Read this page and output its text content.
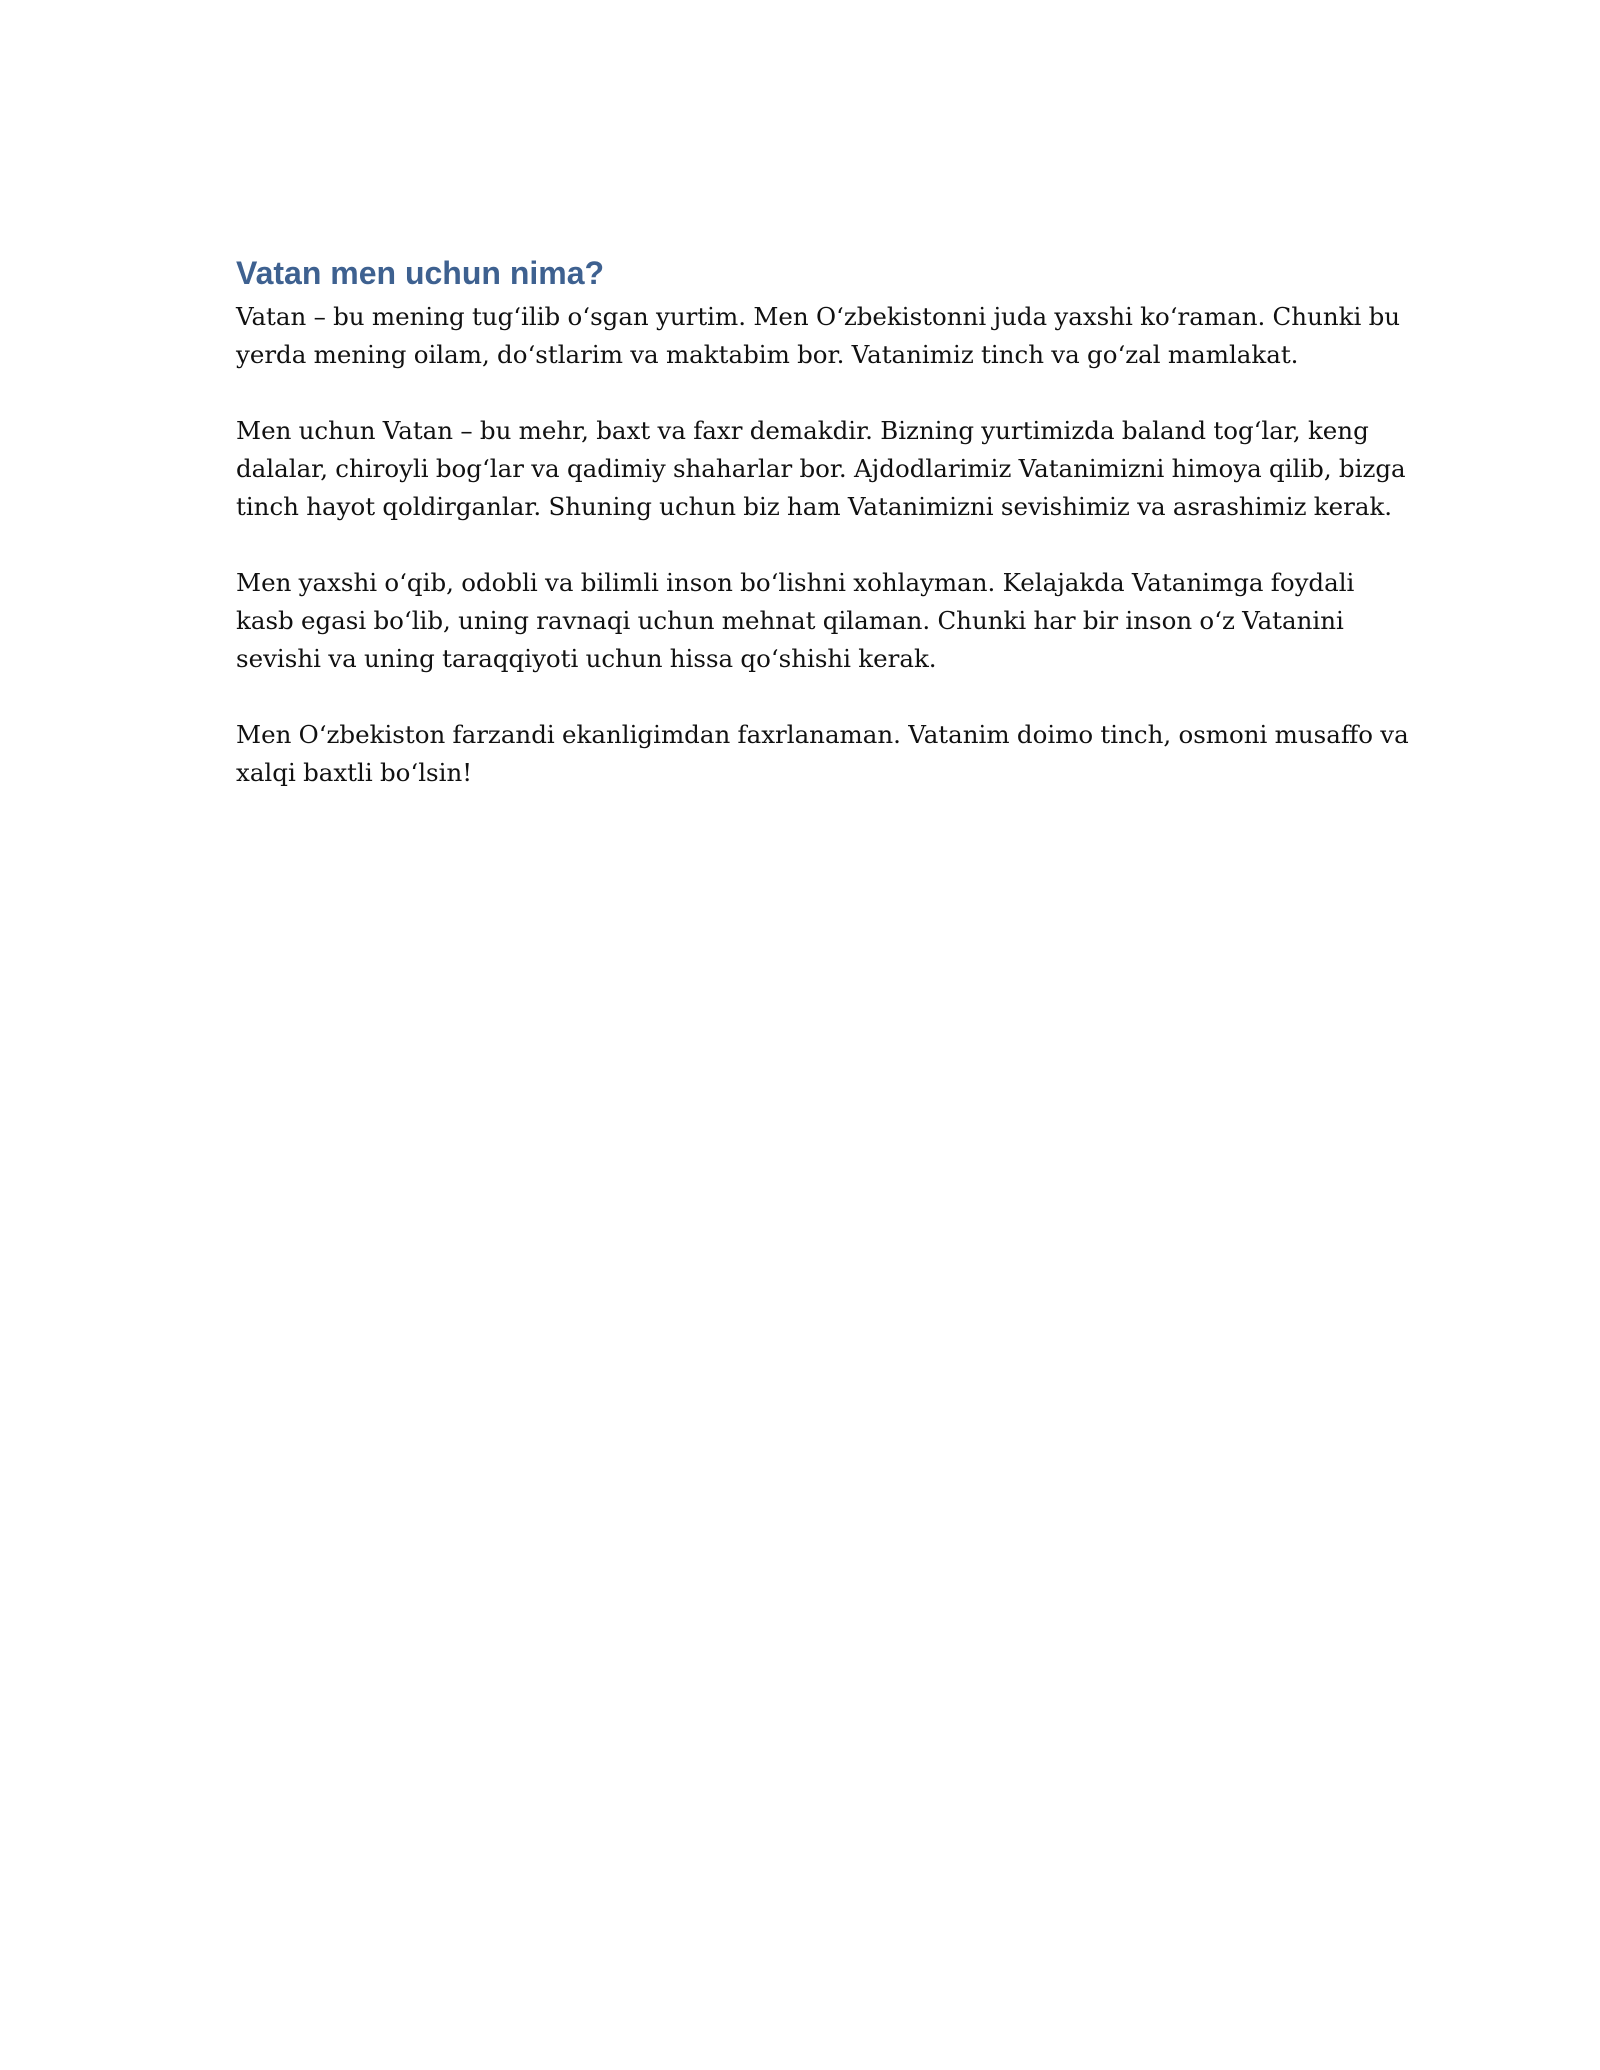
Vatan men uchun nima?

Vatan – bu mening tug‘ilib o‘sgan yurtim. Men O‘zbekistonni juda yaxshi ko‘raman. Chunki bu
yerda mening oilam, do‘stlarim va maktabim bor. Vatanimiz tinch va go‘zal mamlakat.

Men uchun Vatan – bu mehr, baxt va faxr demakdir. Bizning yurtimizda baland tog‘lar, keng
dalalar, chiroyli bog‘lar va qadimiy shaharlar bor. Ajdodlarimiz Vatanimizni himoya qilib, bizga
tinch hayot qoldirganlar. Shuning uchun biz ham Vatanimizni sevishimiz va asrashimiz kerak.

Men yaxshi o‘qib, odobli va bilimli inson bo‘lishni xohlayman. Kelajakda Vatanimga foydali
kasb egasi bo‘lib, uning ravnaqi uchun mehnat qilaman. Chunki har bir inson o‘z Vatanini
sevishi va uning taraqqiyoti uchun hissa qo‘shishi kerak.

Men O‘zbekiston farzandi ekanligimdan faxrlanaman. Vatanim doimo tinch, osmoni musaffo va
xalqi baxtli bo‘lsin!
